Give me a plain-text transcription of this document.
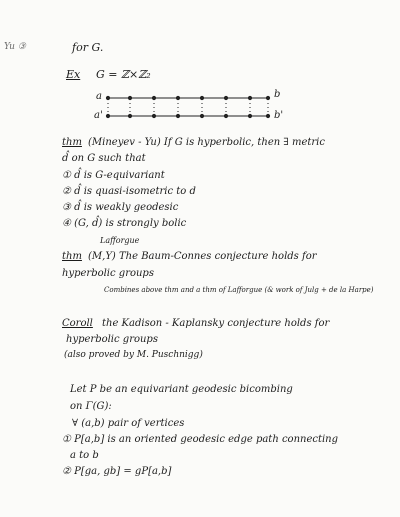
Yu ③	for G.
Ex G = ℤ×ℤ₂
a
a'
b
b'
thm (Mineyev - Yu) If G is hyperbolic, then ∃ metric
d̂ on G such that
① d̂ is G-equivariant
② d̂ is quasi-isometric to d
③ d̂ is weakly geodesic
④ (G, d̂) is strongly bolic
Lafforgue
thm (M,Y) The Baum-Connes conjecture holds for
hyperbolic groups
Combines above thm and a thm of Lafforgue (& work of Julg + de la Harpe)
Coroll the Kadison - Kaplansky conjecture holds for
hyperbolic groups
(also proved by M. Puschnigg)
Let P be an equivariant geodesic bicombing
on Γ(G):
∀ (a,b) pair of vertices
① P[a,b] is an oriented geodesic edge path connecting
a to b
② P[ga, gb] = gP[a,b]
